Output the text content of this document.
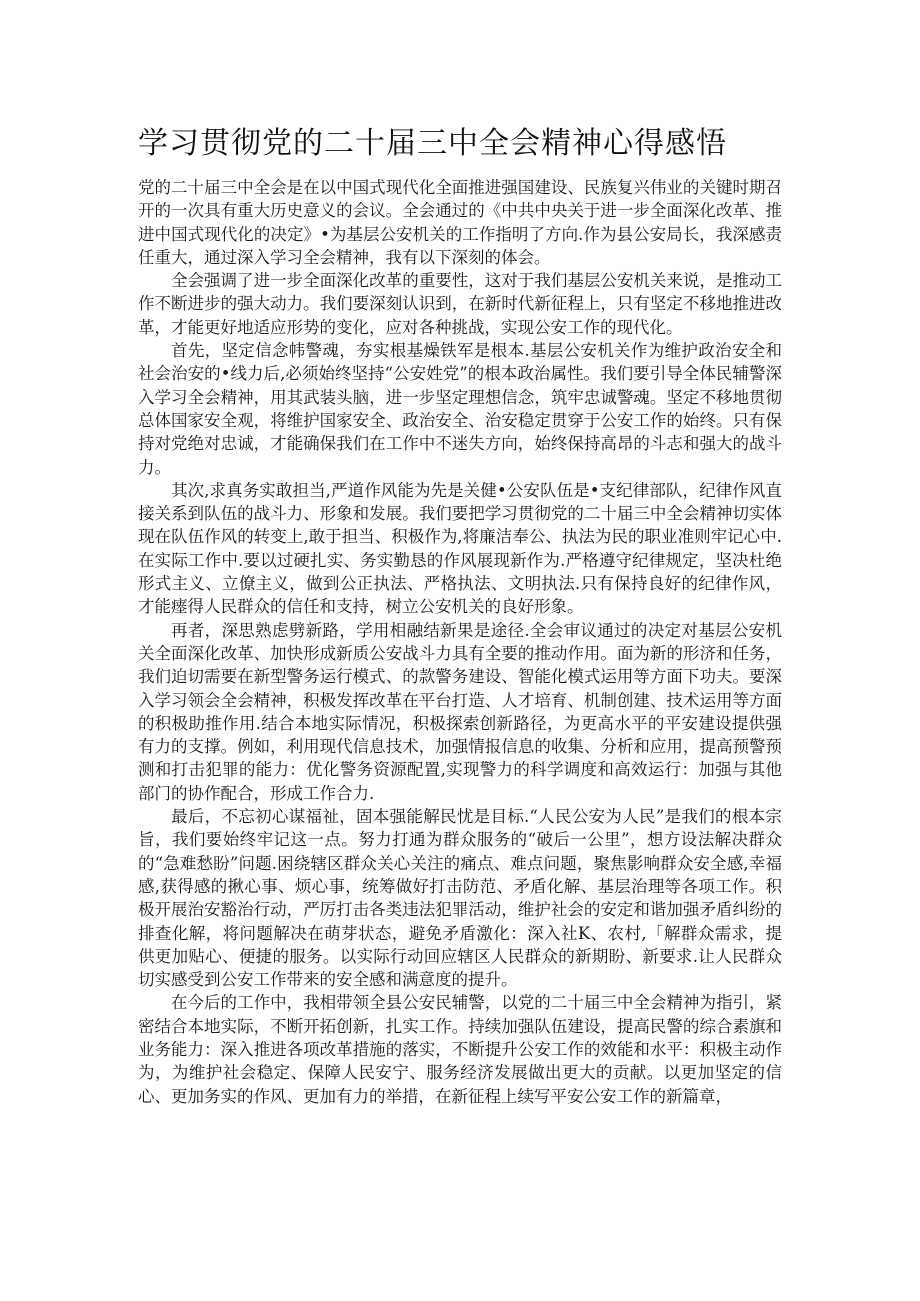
学习贯彻党的二十届三中全会精神心得感悟

党的二十届三中全会是在以中国式现代化全面推进强国建设、民族复兴伟业的关键时期召开的一次具有重大历史意义的会议。全会通过的《中共中央关于进一步全面深化改革、推进中国式现代化的决定》•为基层公安机关的工作指明了方向.作为县公安局长，我深感责任重大，通过深入学习全会精神，我有以下深刻的体会。

全会强调了进一步全面深化改革的重要性，这对于我们基层公安机关来说，是推动工作不断进步的强大动力。我们要深刻认识到，在新时代新征程上，只有坚定不移地推进改革，才能更好地适应形势的变化，应对各种挑战，实现公安工作的现代化。

首先，坚定信念帏警魂，夯实根基燥铁军是根本.基层公安机关作为维护政治安全和社会治安的•线力后,必须始终坚持“公安姓党”的根本政治属性。我们要引导全体民辅警深入学习全会精神，用其武装头脑，进一步坚定理想信念，筑牢忠诚警魂。坚定不移地贯彻总体国家安全观，将维护国家安全、政治安全、治安稳定贯穿于公安工作的始终。只有保持对党绝对忠诚，才能确保我们在工作中不迷失方向，始终保持高昂的斗志和强大的战斗力。

其次,求真务实敢担当,严道作风能为先是关健•公安队伍是•支纪律部队，纪律作风直接关系到队伍的战斗力、形象和发展。我们要把学习贯彻党的二十届三中全会精神切实体现在队伍作风的转变上,敢于担当、积极作为,将廉洁奉公、执法为民的职业准则牢记心中.在实际工作中.要以过硬扎实、务实勤恳的作风展现新作为.严格遵守纪律规定，坚决杜绝形式主义、立僚主义，做到公正执法、严格执法、文明执法.只有保持良好的纪律作风，才能瘗得人民群众的信任和支持，树立公安机关的良好形象。

再者，深思熟虑劈新路，学用相融结新果是途径.全会审议通过的决定对基层公安机关全面深化改革、加快形成新质公安战斗力具有全要的推动作用。面为新的形济和任务，我们迫切需要在新型警务运行模式、的款警务建设、智能化模式运用等方面下功夫。要深入学习领会全会精神，积极发挥改革在平台打造、人才培育、机制创建、技术运用等方面的积极助推作用.结合本地实际情况，积极探索创新路径，为更高水平的平安建设提供强有力的支撑。例如，利用现代信息技术，加强情报信息的收集、分析和应用，提高预警预测和打击犯罪的能力：优化警务资源配置,实现警力的科学调度和高效运行：加强与其他部门的协作配合，形成工作合力.

最后，不忘初心谋福祉，固本强能解民忧是目标.“人民公安为人民”是我们的根本宗旨，我们要始终牢记这一点。努力打通为群众服务的“破后一公里”，想方设法解决群众的“急难愁盼”问题.困绕辖区群众关心关注的痛点、难点问题，聚焦影响群众安全感,幸福感,获得感的揪心事、烦心事，统筹做好打击防范、矛盾化解、基层治理等各项工作。积极开展治安豁治行动，严厉打击各类违法犯罪活动，维护社会的安定和谐加强矛盾纠纷的排查化解，将问题解决在萌芽状态，避免矛盾激化：深入社Κ、农村,「解群众需求，提供更加贴心、便捷的服务。以实际行动回应辖区人民群众的新期盼、新要求.让人民群众切实感受到公安工作带来的安全感和满意度的提升。

在今后的工作中，我相带领全县公安民辅警，以党的二十届三中全会精神为指引，紧密结合本地实际，不断开拓创新，扎实工作。持续加强队伍建设，提高民警的综合素旗和业务能力：深入推进各项改革措施的落实，不断提升公安工作的效能和水平：积极主动作为，为维护社会稳定、保障人民安宁、服务经济发展做出更大的贡献。以更加坚定的信心、更加务实的作风、更加有力的举措，在新征程上续写平安公安工作的新篇章，
